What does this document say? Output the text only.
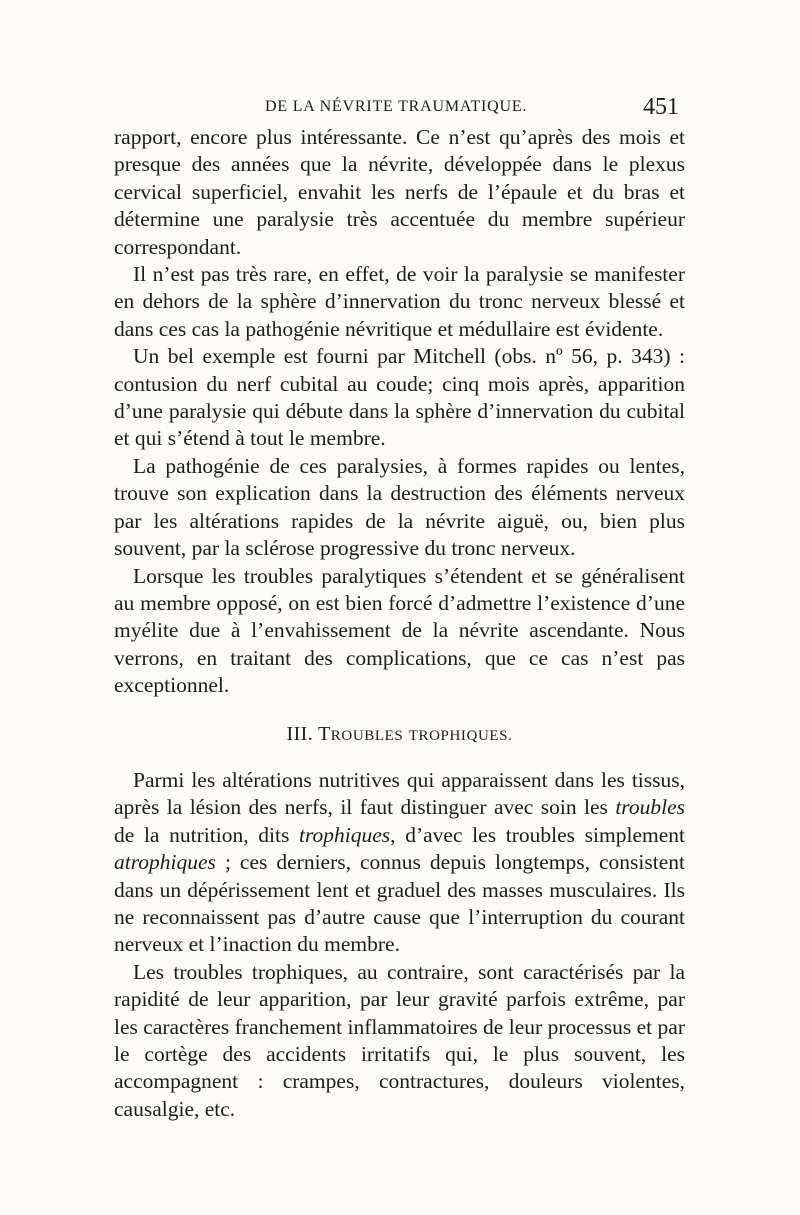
DE LA NÉVRITE TRAUMATIQUE.	451

rapport, encore plus intéressante. Ce n’est qu’après des mois et presque des années que la névrite, développée dans le plexus cervical superficiel, envahit les nerfs de l’épaule et du bras et détermine une paralysie très accentuée du membre supérieur correspondant.

Il n’est pas très rare, en effet, de voir la paralysie se manifester en dehors de la sphère d’innervation du tronc nerveux blessé et dans ces cas la pathogénie névritique et médullaire est évidente.

Un bel exemple est fourni par Mitchell (obs. nº 56, p. 343) : contusion du nerf cubital au coude; cinq mois après, apparition d’une paralysie qui débute dans la sphère d’innervation du cubital et qui s’étend à tout le membre.

La pathogénie de ces paralysies, à formes rapides ou lentes, trouve son explication dans la destruction des éléments nerveux par les altérations rapides de la névrite aiguë, ou, bien plus souvent, par la sclérose progressive du tronc nerveux.

Lorsque les troubles paralytiques s’étendent et se généralisent au membre opposé, on est bien forcé d’admettre l’existence d’une myélite due à l’envahissement de la névrite ascendante. Nous verrons, en traitant des complications, que ce cas n’est pas exceptionnel.

III. TROUBLES TROPHIQUES.

Parmi les altérations nutritives qui apparaissent dans les tissus, après la lésion des nerfs, il faut distinguer avec soin les troubles de la nutrition, dits trophiques, d’avec les troubles simplement atrophiques ; ces derniers, connus depuis longtemps, consistent dans un dépérissement lent et graduel des masses musculaires. Ils ne reconnaissent pas d’autre cause que l’interruption du courant nerveux et l’inaction du membre.

Les troubles trophiques, au contraire, sont caractérisés par la rapidité de leur apparition, par leur gravité parfois extrême, par les caractères franchement inflammatoires de leur processus et par le cortège des accidents irritatifs qui, le plus souvent, les accompagnent : crampes, contractures, douleurs violentes, causalgie, etc.
